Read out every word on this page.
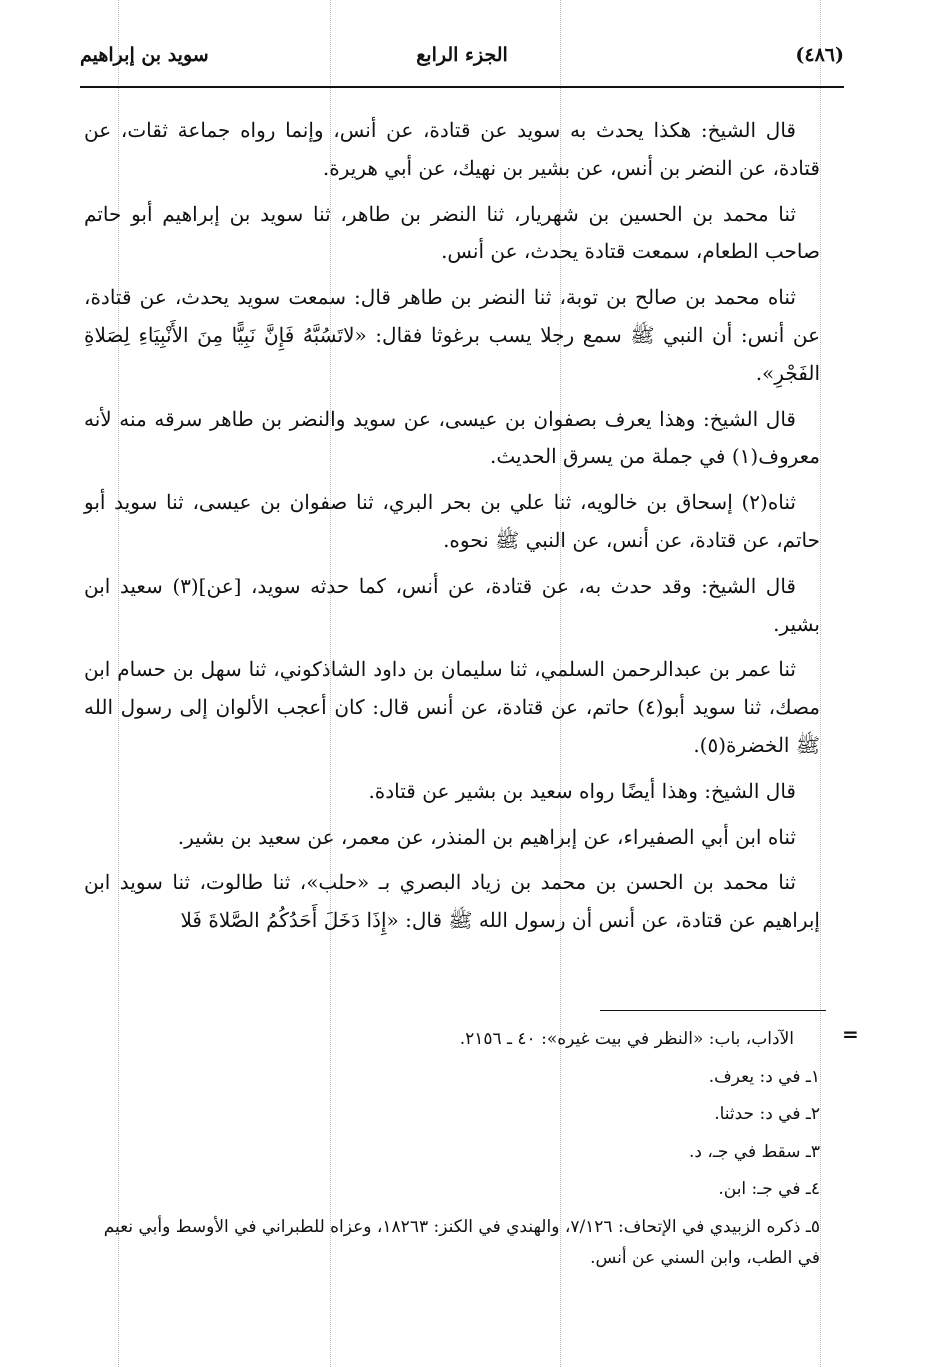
(٤٨٦)
الجزء الرابع
سويد بن إبراهيم

قال الشيخ: هكذا يحدث به سويد عن قتادة، عن أنس، وإنما رواه جماعة ثقات، عن قتادة، عن النضر بن أنس، عن بشير بن نهيك، عن أبي هريرة.

ثنا محمد بن الحسين بن شهريار، ثنا النضر بن طاهر، ثنا سويد بن إبراهيم أبو حاتم صاحب الطعام، سمعت قتادة يحدث، عن أنس.

ثناه محمد بن صالح بن توبة، ثنا النضر بن طاهر قال: سمعت سويد يحدث، عن قتادة، عن أنس: أن النبي ﷺ سمع رجلا يسب برغوثا فقال: «لاتَسُبَّهُ فَإِنَّ نَبِيًّا مِنَ الأَنْبِيَاءِ لِصَلاةِ الفَجْرِ».

قال الشيخ: وهذا يعرف بصفوان بن عيسى، عن سويد والنضر بن طاهر سرقه منه لأنه معروف(١) في جملة من يسرق الحديث.

ثناه(٢) إسحاق بن خالويه، ثنا علي بن بحر البري، ثنا صفوان بن عيسى، ثنا سويد أبو حاتم، عن قتادة، عن أنس، عن النبي ﷺ نحوه.

قال الشيخ: وقد حدث به، عن قتادة، عن أنس، كما حدثه سويد، [عن](٣) سعيد ابن بشير.

ثنا عمر بن عبدالرحمن السلمي، ثنا سليمان بن داود الشاذكوني، ثنا سهل بن حسام ابن مصك، ثنا سويد أبو(٤) حاتم، عن قتادة، عن أنس قال: كان أعجب الألوان إلى رسول الله ﷺ الخضرة(٥).

قال الشيخ: وهذا أيضًا رواه سعيد بن بشير عن قتادة.

ثناه ابن أبي الصفيراء، عن إبراهيم بن المنذر، عن معمر، عن سعيد بن بشير.

ثنا محمد بن الحسن بن محمد بن زياد البصري بـ «حلب»، ثنا طالوت، ثنا سويد ابن إبراهيم عن قتادة، عن أنس أن رسول الله ﷺ قال: «إِذَا دَخَلَ أَحَدُكُمُ الصَّلاةَ فَلا

=

الآداب، باب: «النظر في بيت غيره»: ٤٠ ـ ٢١٥٦.

١ـ في د: يعرف.

٢ـ في د: حدثنا.

٣ـ سقط في جـ، د.

٤ـ في جـ: ابن.

٥ـ ذكره الزبيدي في الإتحاف: ٧/١٢٦، والهندي في الكنز: ١٨٢٦٣، وعزاه للطبراني في الأوسط وأبي نعيم في الطب، وابن السني عن أنس.
